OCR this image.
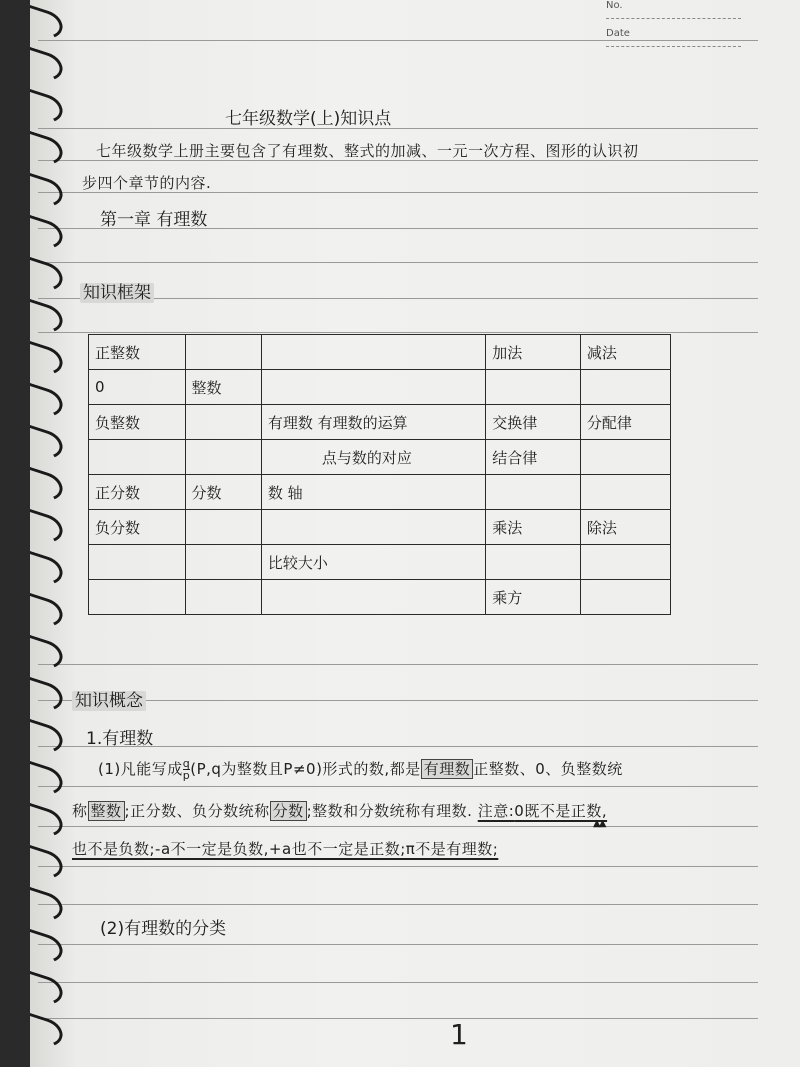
No.
Date
七年级数学(上)知识点
七年级数学上册主要包含了有理数、整式的加减、一元一次方程、图形的认识初
步四个章节的内容.
第一章 有理数
知识框架
正整数			加法	减法
0	整数			
负整数		有理数 有理数的运算	交换律	分配律
		点与数的对应	结合律	
正分数	分数	数 轴		
负分数			乘法	除法
		比较大小		
			乘方	
知识概念
1.有理数
(1)凡能写成 $\frac{q}{p} (P,q$为整数且P≠0)形式的数,都是 有理数 正整数、0、负整数统
称 整数 ;正分数、负分数统称 分数 ;整数和分数统称有理数. 注意:0既不是正数,
▲▲
也不是负数;-a不一定是负数,+a也不一定是正数;π不是有理数;
(2)有理数的分类
1
